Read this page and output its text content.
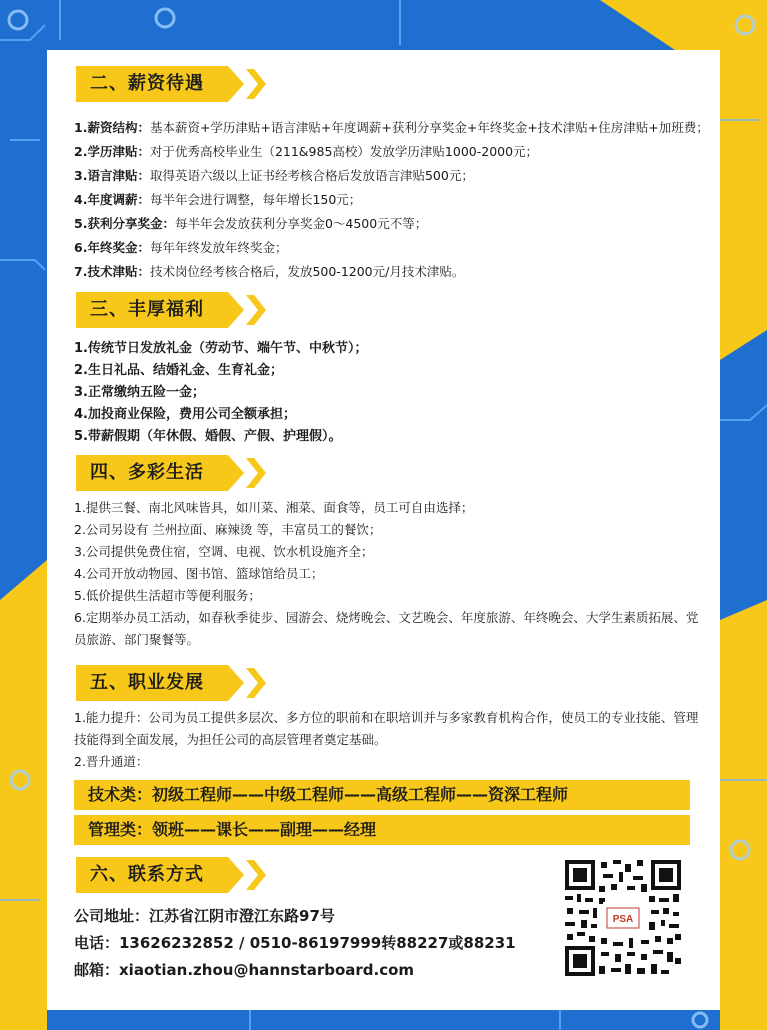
二、薪资待遇
1.薪资结构：基本薪资+学历津贴+语言津贴+年度调薪+获利分享奖金+年终奖金+技术津贴+住房津贴+加班费；
2.学历津贴：对于优秀高校毕业生（211&985高校）发放学历津贴1000-2000元；
3.语言津贴：取得英语六级以上证书经考核合格后发放语言津贴500元；
4.年度调薪：每半年会进行调整，每年增长150元；
5.获利分享奖金：每半年会发放获利分享奖金0～4500元不等；
6.年终奖金：每年年终发放年终奖金；
7.技术津贴：技术岗位经考核合格后，发放500-1200元/月技术津贴。
三、丰厚福利
1.传统节日发放礼金（劳动节、端午节、中秋节）；
2.生日礼品、结婚礼金、生育礼金；
3.正常缴纳五险一金；
4.加投商业保险，费用公司全额承担；
5.带薪假期（年休假、婚假、产假、护理假）。
四、多彩生活
1.提供三餐、南北风味皆具，如川菜、湘菜、面食等，员工可自由选择；
2.公司另设有 兰州拉面、麻辣烫 等，丰富员工的餐饮；
3.公司提供免费住宿，空调、电视、饮水机设施齐全；
4.公司开放动物园、图书馆、篮球馆给员工；
5.低价提供生活超市等便利服务；
6.定期举办员工活动，如春秋季徒步、园游会、烧烤晚会、文艺晚会、年度旅游、年终晚会、大学生素质拓展、党员旅游、部门聚餐等。
五、职业发展
1.能力提升：公司为员工提供多层次、多方位的职前和在职培训并与多家教育机构合作，使员工的专业技能、管理技能得到全面发展，为担任公司的高层管理者奠定基础。
2.晋升通道：
技术类：初级工程师——中级工程师——高级工程师——资深工程师
管理类：领班——课长——副理——经理
六、联系方式
公司地址：江苏省江阴市澄江东路97号
电话：13626232852 / 0510-86197999转88227或88231
邮箱：xiaotian.zhou@hannstarboard.com
PSA
